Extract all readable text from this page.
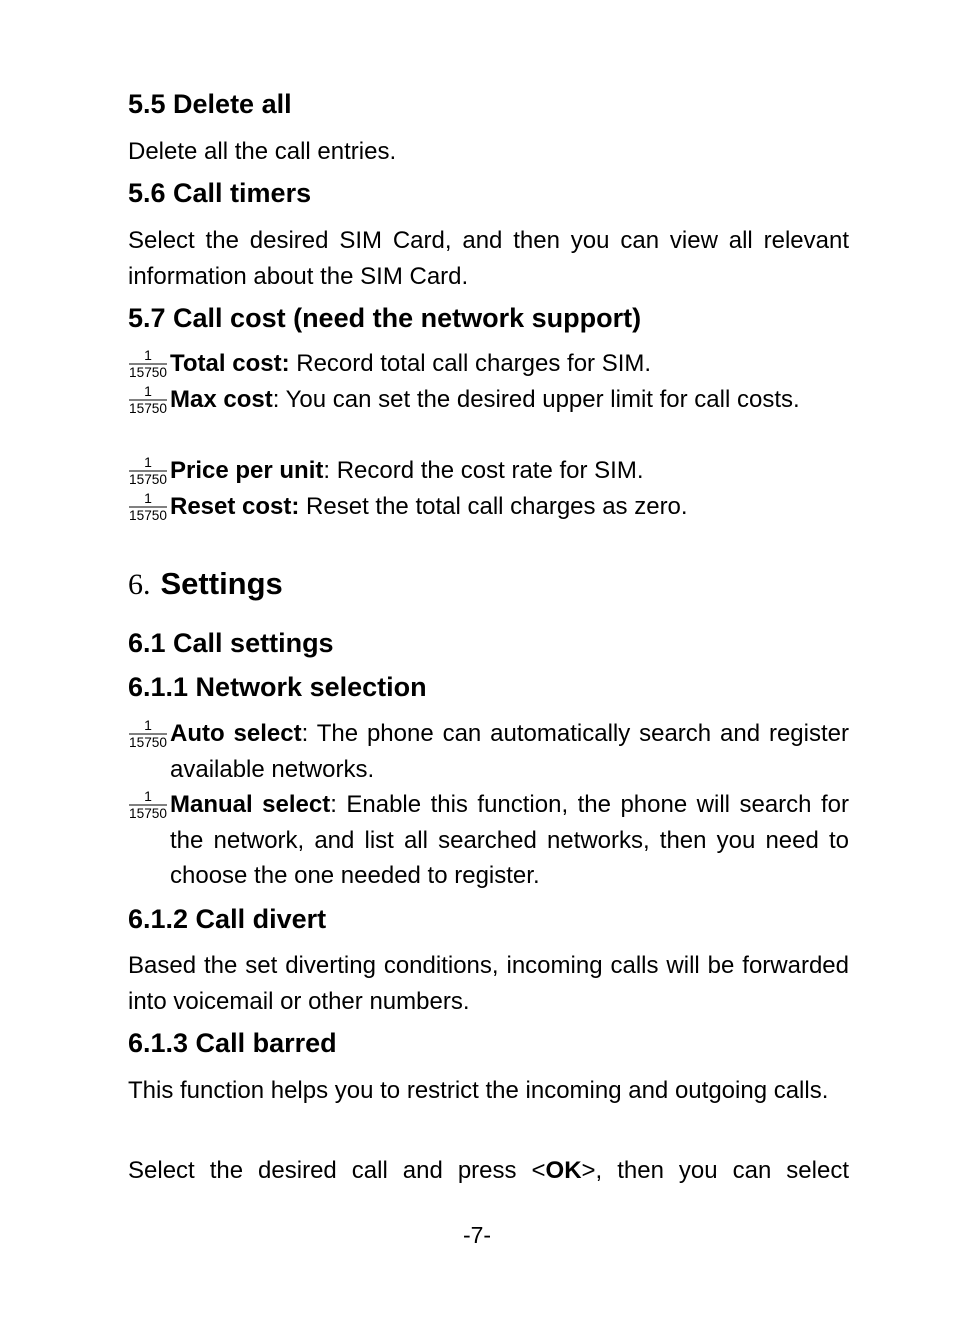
5.5 Delete all
Delete all the call entries.
5.6 Call timers
Select the desired SIM Card, and then you can view all relevant information about the SIM Card.
5.7 Call cost (need the network support)
1
15750 Total cost: Record total call charges for SIM.
1
15750 Max cost: You can set the desired upper limit for call costs.
1
15750 Price per unit: Record the cost rate for SIM.
1
15750 Reset cost: Reset the total call charges as zero.
6. Settings
6.1 Call settings
6.1.1 Network selection
1
15750 Auto select: The phone can automatically search and register available networks.
1
15750 Manual select: Enable this function, the phone will search for the network, and list all searched networks, then you need to choose the one needed to register.
6.1.2 Call divert
Based the set diverting conditions, incoming calls will be forwarded into voicemail or other numbers.
6.1.3 Call barred
This function helps you to restrict the incoming and outgoing calls.
Select the desired call and press <OK>, then you can select
-7-
